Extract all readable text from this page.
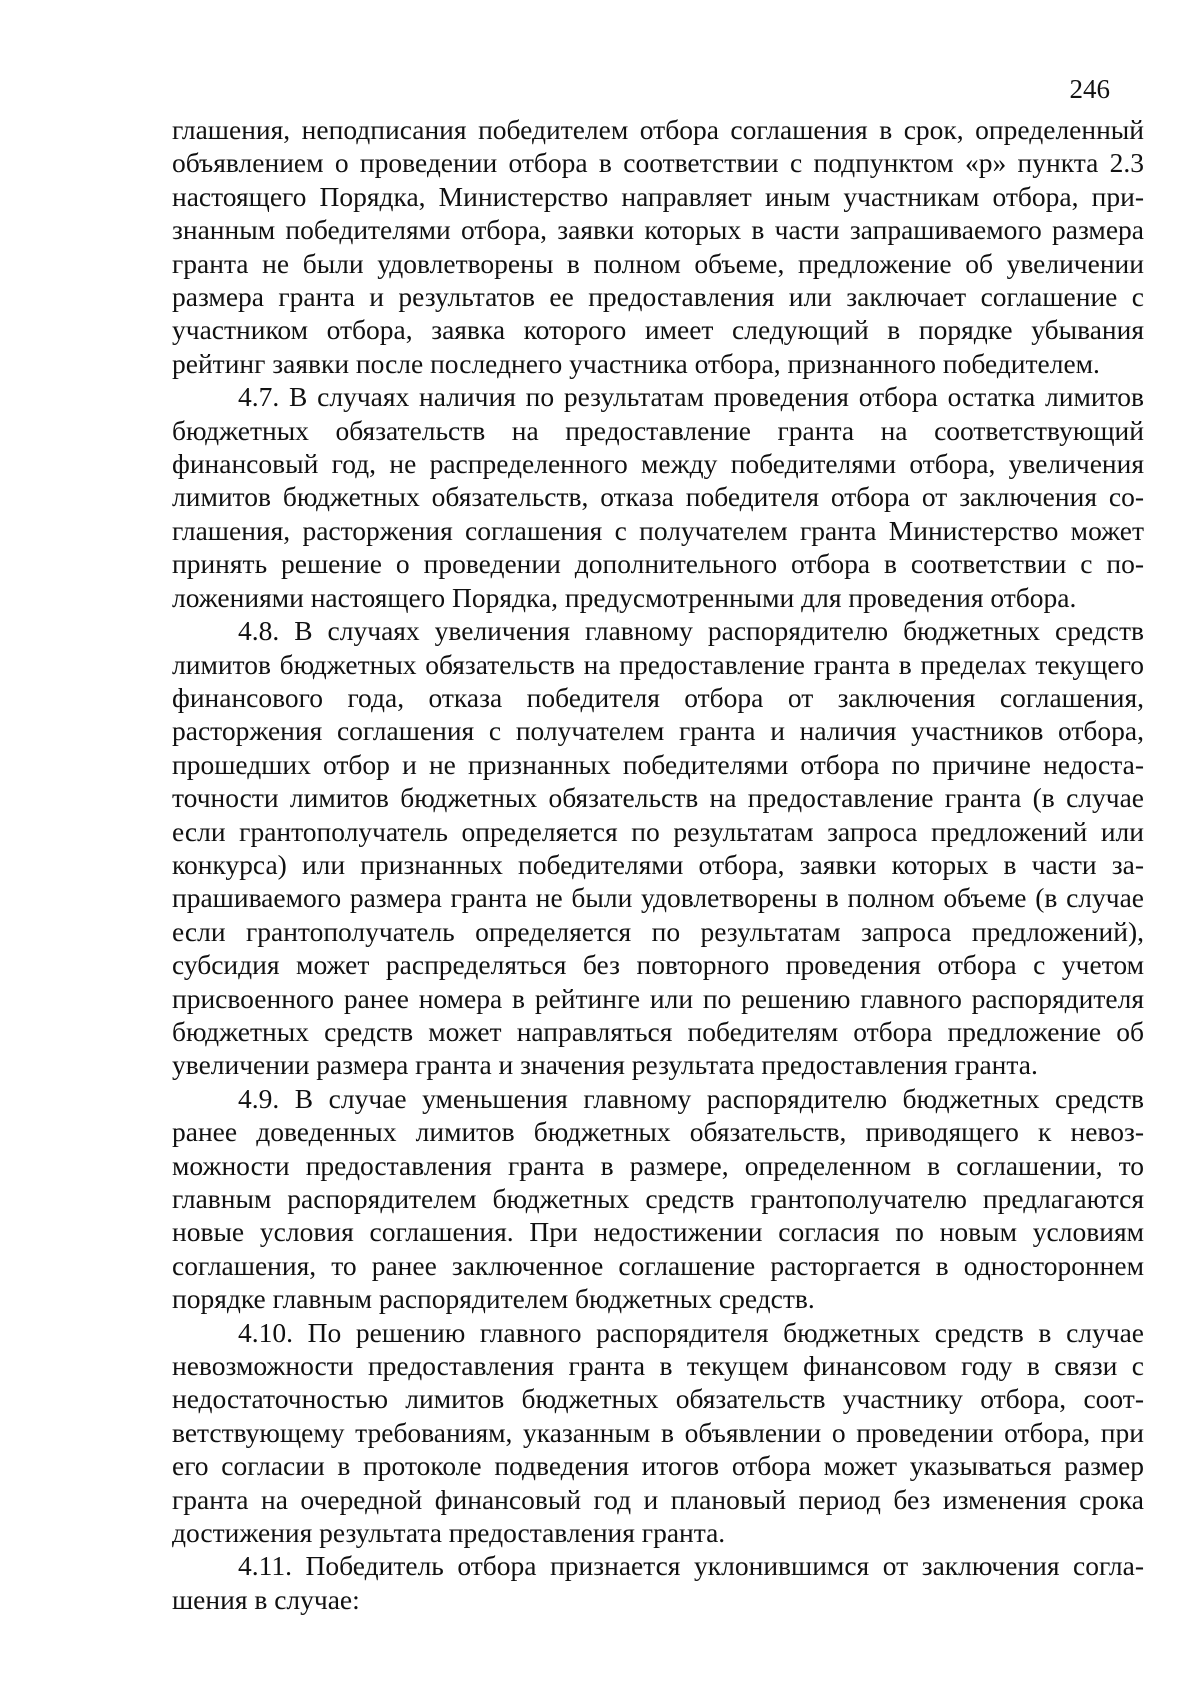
246

глашения, неподписания победителем отбора соглашения в срок, определенный объявлением о проведении отбора в соответствии с подпунктом «р» пункта 2.3 настоящего Порядка, Министерство направляет иным участникам отбора, признанным победителями отбора, заявки которых в части запрашиваемого размера гранта не были удовлетворены в полном объеме, предложение об увеличении размера гранта и результатов ее предоставления или заключает соглашение с участником отбора, заявка которого имеет следующий в порядке убывания рейтинг заявки после последнего участника отбора, признанного победителем.

4.7. В случаях наличия по результатам проведения отбора остатка лимитов бюджетных обязательств на предоставление гранта на соответствующий финансовый год, не распределенного между победителями отбора, увеличения лимитов бюджетных обязательств, отказа победителя отбора от заключения соглашения, расторжения соглашения с получателем гранта Министерство может принять решение о проведении дополнительного отбора в соответствии с положениями настоящего Порядка, предусмотренными для проведения отбора.

4.8. В случаях увеличения главному распорядителю бюджетных средств лимитов бюджетных обязательств на предоставление гранта в пределах текущего финансового года, отказа победителя отбора от заключения соглашения, расторжения соглашения с получателем гранта и наличия участников отбора, прошедших отбор и не признанных победителями отбора по причине недостаточности лимитов бюджетных обязательств на предоставление гранта (в случае если грантополучатель определяется по результатам запроса предложений или конкурса) или признанных победителями отбора, заявки которых в части запрашиваемого размера гранта не были удовлетворены в полном объеме (в случае если грантополучатель определяется по результатам запроса предложений), субсидия может распределяться без повторного проведения отбора с учетом присвоенного ранее номера в рейтинге или по решению главного распорядителя бюджетных средств может направляться победителям отбора предложение об увеличении размера гранта и значения результата предоставления гранта.

4.9. В случае уменьшения главному распорядителю бюджетных средств ранее доведенных лимитов бюджетных обязательств, приводящего к невозможности предоставления гранта в размере, определенном в соглашении, то главным распорядителем бюджетных средств грантополучателю предлагаются новые условия соглашения. При недостижении согласия по новым условиям соглашения, то ранее заключенное соглашение расторгается в одностороннем порядке главным распорядителем бюджетных средств.

4.10. По решению главного распорядителя бюджетных средств в случае невозможности предоставления гранта в текущем финансовом году в связи с недостаточностью лимитов бюджетных обязательств участнику отбора, соответствующему требованиям, указанным в объявлении о проведении отбора, при его согласии в протоколе подведения итогов отбора может указываться размер гранта на очередной финансовый год и плановый период без изменения срока достижения результата предоставления гранта.

4.11. Победитель отбора признается уклонившимся от заключения соглашения в случае:
